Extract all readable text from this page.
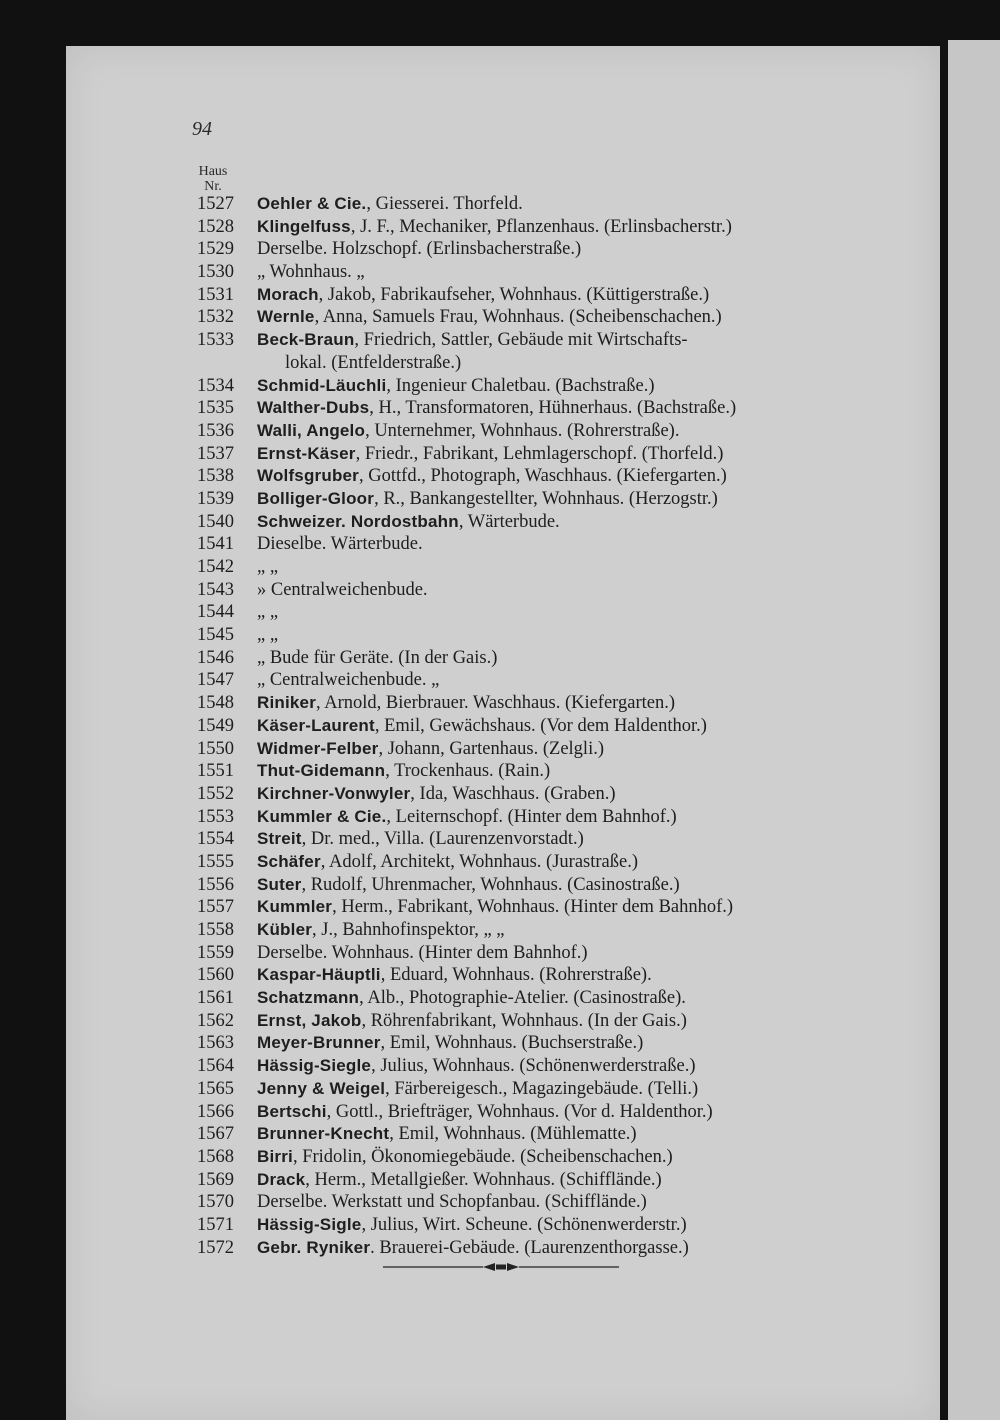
94
Haus Nr.
1527 Oehler & Cie., Giesserei. Thorfeld.
1528 Klingelfuss, J. F., Mechaniker, Pflanzenhaus. (Erlinsbacherstr.)
1529 Derselbe. Holzschopf. (Erlinsbacherstraße.)
1530 „ Wohnhaus. „
1531 Morach, Jakob, Fabrikaufseher, Wohnhaus. (Küttigerstraße.)
1532 Wernle, Anna, Samuels Frau, Wohnhaus. (Scheibenschachen.)
1533 Beck-Braun, Friedrich, Sattler, Gebäude mit Wirtschafts-
lokal. (Entfelderstraße.)
1534 Schmid-Läuchli, Ingenieur Chaletbau. (Bachstraße.)
1535 Walther-Dubs, H., Transformatoren, Hühnerhaus. (Bachstraße.)
1536 Walli, Angelo, Unternehmer, Wohnhaus. (Rohrerstraße).
1537 Ernst-Käser, Friedr., Fabrikant, Lehmlagerschopf. (Thorfeld.)
1538 Wolfsgruber, Gottfd., Photograph, Waschhaus. (Kiefergarten.)
1539 Bolliger-Gloor, R., Bankangestellter, Wohnhaus. (Herzogstr.)
1540 Schweizer. Nordostbahn, Wärterbude.
1541 Dieselbe. Wärterbude.
1542 „ „
1543 » Centralweichenbude.
1544 „ „
1545 „ „
1546 „ Bude für Geräte. (In der Gais.)
1547 „ Centralweichenbude. „
1548 Riniker, Arnold, Bierbrauer. Waschhaus. (Kiefergarten.)
1549 Käser-Laurent, Emil, Gewächshaus. (Vor dem Haldenthor.)
1550 Widmer-Felber, Johann, Gartenhaus. (Zelgli.)
1551 Thut-Gidemann, Trockenhaus. (Rain.)
1552 Kirchner-Vonwyler, Ida, Waschhaus. (Graben.)
1553 Kummler & Cie., Leiternschopf. (Hinter dem Bahnhof.)
1554 Streit, Dr. med., Villa. (Laurenzenvorstadt.)
1555 Schäfer, Adolf, Architekt, Wohnhaus. (Jurastraße.)
1556 Suter, Rudolf, Uhrenmacher, Wohnhaus. (Casinostraße.)
1557 Kummler, Herm., Fabrikant, Wohnhaus. (Hinter dem Bahnhof.)
1558 Kübler, J., Bahnhofinspektor, „ „
1559 Derselbe. Wohnhaus. (Hinter dem Bahnhof.)
1560 Kaspar-Häuptli, Eduard, Wohnhaus. (Rohrerstraße).
1561 Schatzmann, Alb., Photographie-Atelier. (Casinostraße).
1562 Ernst, Jakob, Röhrenfabrikant, Wohnhaus. (In der Gais.)
1563 Meyer-Brunner, Emil, Wohnhaus. (Buchserstraße.)
1564 Hässig-Siegle, Julius, Wohnhaus. (Schönenwerderstraße.)
1565 Jenny & Weigel, Färbereigesch., Magazingebäude. (Telli.)
1566 Bertschi, Gottl., Briefträger, Wohnhaus. (Vor d. Haldenthor.)
1567 Brunner-Knecht, Emil, Wohnhaus. (Mühlematte.)
1568 Birri, Fridolin, Ökonomiegebäude. (Scheibenschachen.)
1569 Drack, Herm., Metallgießer. Wohnhaus. (Schifflände.)
1570 Derselbe. Werkstatt und Schopfanbau. (Schifflände.)
1571 Hässig-Sigle, Julius, Wirt. Scheune. (Schönenwerderstr.)
1572 Gebr. Ryniker. Brauerei-Gebäude. (Laurenzenthorgasse.)
